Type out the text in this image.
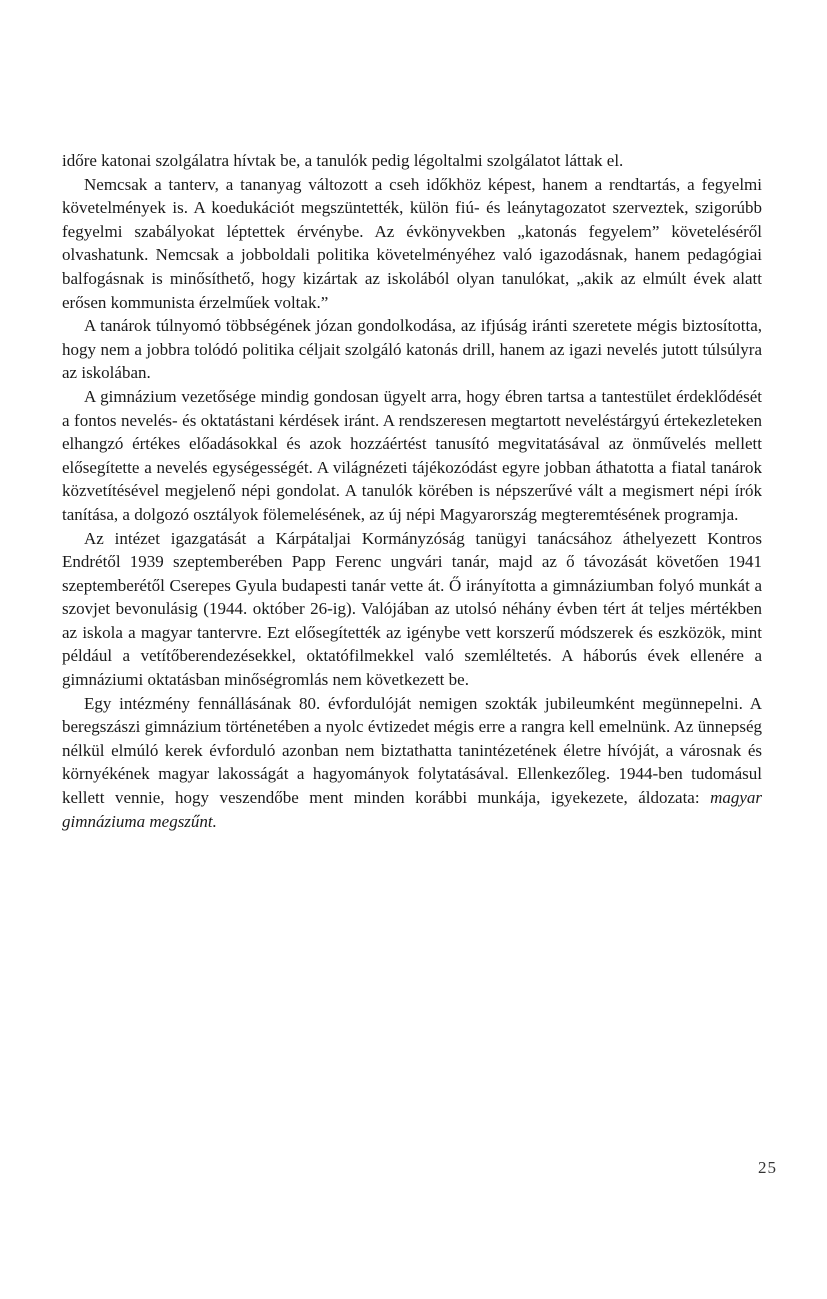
időre katonai szolgálatra hívtak be, a tanulók pedig légoltalmi szolgálatot láttak el.

Nemcsak a tanterv, a tananyag változott a cseh időkhöz képest, hanem a rendtartás, a fegyelmi követelmények is. A koedukációt megszüntették, külön fiú- és leánytagozatot szerveztek, szigorúbb fegyelmi szabályokat léptettek érvénybe. Az évkönyvekben „katonás fegyelem” követeléséről olvashatunk. Nemcsak a jobboldali politika követelményéhez való igazodásnak, hanem pedagógiai balfogásnak is minősíthető, hogy kizártak az iskolából olyan tanulókat, „akik az elmúlt évek alatt erősen kommunista érzelműek voltak.”

A tanárok túlnyomó többségének józan gondolkodása, az ifjúság iránti szeretete mégis biztosította, hogy nem a jobbra tolódó politika céljait szolgáló katonás drill, hanem az igazi nevelés jutott túlsúlyra az iskolában.

A gimnázium vezetősége mindig gondosan ügyelt arra, hogy ébren tartsa a tantestület érdeklődését a fontos nevelés- és oktatástani kérdések iránt. A rendszeresen megtartott neveléstárgyú értekezleteken elhangzó értékes előadásokkal és azok hozzáértést tanusító megvitatásával az önművelés mellett elősegítette a nevelés egységességét. A világnézeti tájékozódást egyre jobban áthatotta a fiatal tanárok közvetítésével megjelenő népi gondolat. A tanulók körében is népszerűvé vált a megismert népi írók tanítása, a dolgozó osztályok fölemelésének, az új népi Magyarország megteremtésének programja.

Az intézet igazgatását a Kárpátaljai Kormányzóság tanügyi tanácsához áthelyezett Kontros Endrétől 1939 szeptemberében Papp Ferenc ungvári tanár, majd az ő távozását követően 1941 szeptemberétől Cserepes Gyula budapesti tanár vette át. Ő irányította a gimnáziumban folyó munkát a szovjet bevonulásig (1944. október 26-ig). Valójában az utolsó néhány évben tért át teljes mértékben az iskola a magyar tantervre. Ezt elősegítették az igénybe vett korszerű módszerek és eszközök, mint például a vetítőberendezésekkel, oktatófilmekkel való szemléltetés. A háborús évek ellenére a gimnáziumi oktatásban minőségromlás nem következett be.

Egy intézmény fennállásának 80. évfordulóját nemigen szokták jubileumként megünnepelni. A beregszászi gimnázium történetében a nyolc évtizedet mégis erre a rangra kell emelnünk. Az ünnepség nélkül elmúló kerek évforduló azonban nem biztathatta tanintézetének életre hívóját, a városnak és környékének magyar lakosságát a hagyományok folytatásával. Ellenkezőleg. 1944-ben tudomásul kellett vennie, hogy veszendőbe ment minden korábbi munkája, igyekezete, áldozata: magyar gimnáziuma megszűnt.

25
